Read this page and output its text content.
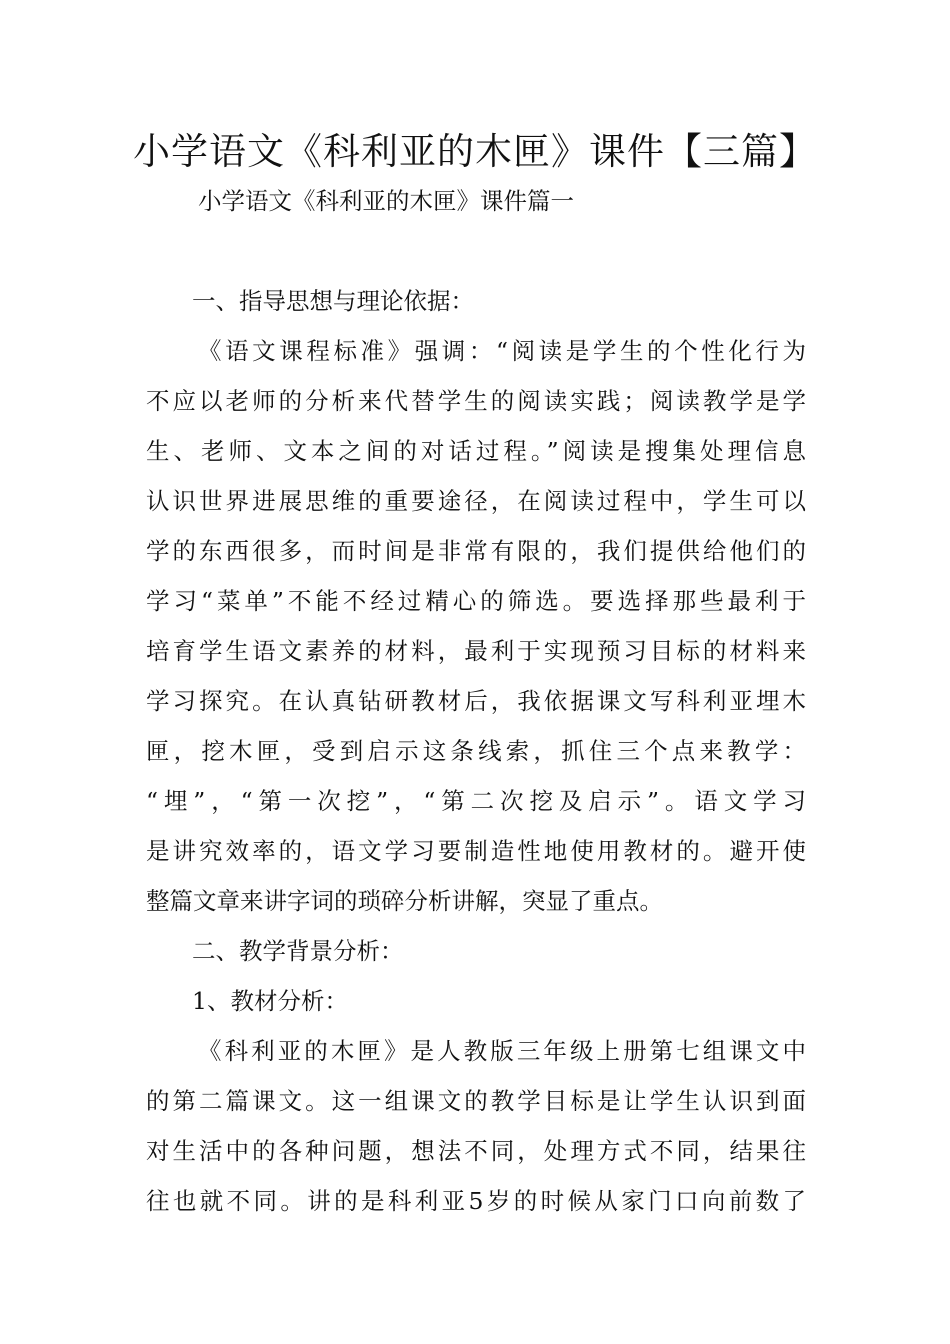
小学语文《科利亚的木匣》课件【三篇】

小学语文《科利亚的木匣》课件篇一

一、指导思想与理论依据：

《语文课程标准》强调：“阅读是学生的个性化行为

不应以老师的分析来代替学生的阅读实践；阅读教学是学

生、老师、文本之间的对话过程。”阅读是搜集处理信息

认识世界进展思维的重要途径，在阅读过程中，学生可以

学的东西很多，而时间是非常有限的，我们提供给他们的

学习“菜单”不能不经过精心的筛选。要选择那些最利于

培育学生语文素养的材料，最利于实现预习目标的材料来

学习探究。在认真钻研教材后，我依据课文写科利亚埋木

匣，挖木匣，受到启示这条线索，抓住三个点来教学：

“埋”，“第一次挖”，“第二次挖及启示”。语文学习

是讲究效率的，语文学习要制造性地使用教材的。避开使

整篇文章来讲字词的琐碎分析讲解，突显了重点。

二、教学背景分析：

1、教材分析：

《科利亚的木匣》是人教版三年级上册第七组课文中

的第二篇课文。这一组课文的教学目标是让学生认识到面

对生活中的各种问题，想法不同，处理方式不同，结果往

往也就不同。讲的是科利亚5岁的时候从家门口向前数了
